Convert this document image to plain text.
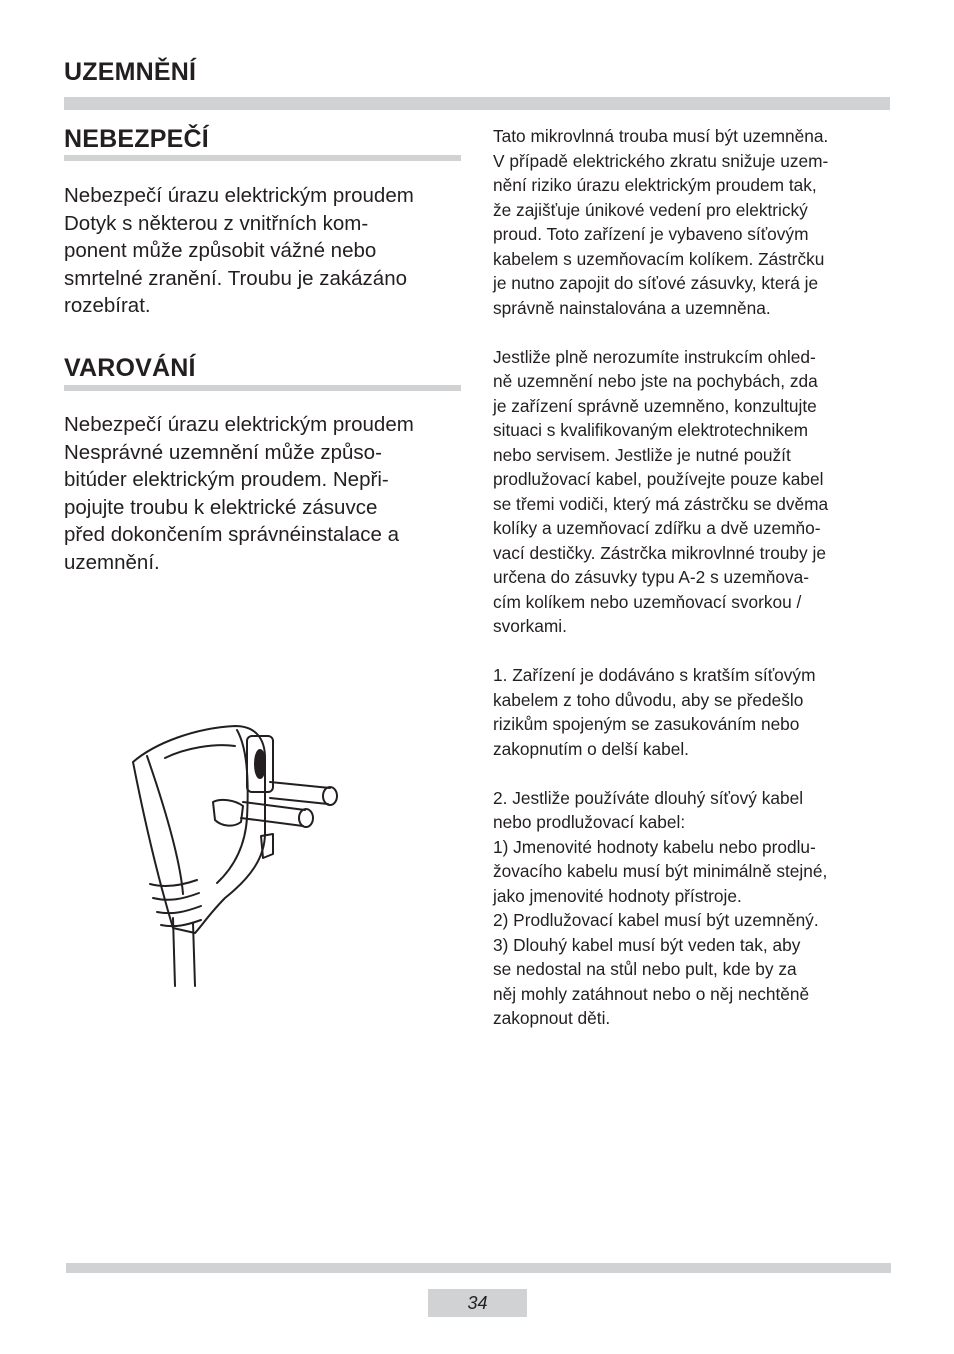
UZEMNĚNÍ
NEBEZPEČÍ
Nebezpečí úrazu elektrickým proudem
Dotyk s některou z vnitřních kom-
ponent může způsobit vážné nebo
smrtelné zranění. Troubu je zakázáno
rozebírat.
VAROVÁNÍ
Nebezpečí úrazu elektrickým proudem
Nesprávné uzemnění může způso-
bitúder elektrickým proudem. Nepři-
pojujte troubu k elektrické zásuvce
před dokončením správnéinstalace a
uzemnění.

Tato mikrovlnná trouba musí být uzemněna.

V případě elektrického zkratu snižuje uzem-

nění riziko úrazu elektrickým proudem tak,

že zajišťuje únikové vedení pro elektrický

proud. Toto zařízení je vybaveno síťovým

kabelem s uzemňovacím kolíkem. Zástrčku

je nutno zapojit do síťové zásuvky, která je

správně nainstalována a uzemněna.

Jestliže plně nerozumíte instrukcím ohled-

ně uzemnění nebo jste na pochybách, zda

je zařízení správně uzemněno, konzultujte

situaci s kvalifikovaným elektrotechnikem

nebo servisem. Jestliže je nutné použít

prodlužovací kabel, používejte pouze kabel

se třemi vodiči, který má zástrčku se dvěma

kolíky a uzemňovací zdířku a dvě uzemňo-

vací destičky. Zástrčka mikrovlnné trouby je

určena do zásuvky typu A-2 s uzemňova-

cím kolíkem nebo uzemňovací svorkou /

svorkami.

1. Zařízení je dodáváno s kratším síťovým

kabelem z toho důvodu, aby se předešlo

rizikům spojeným se zasukováním nebo

zakopnutím o delší kabel.

2. Jestliže používáte dlouhý síťový kabel

nebo prodlužovací kabel:

1) Jmenovité hodnoty kabelu nebo prodlu-

žovacího kabelu musí být minimálně stejné,

jako jmenovité hodnoty přístroje.

2) Prodlužovací kabel musí být uzemněný.

3) Dlouhý kabel musí být veden tak, aby

se nedostal na stůl nebo pult, kde by za

něj mohly zatáhnout nebo o něj nechtěně

zakopnout děti.

34
